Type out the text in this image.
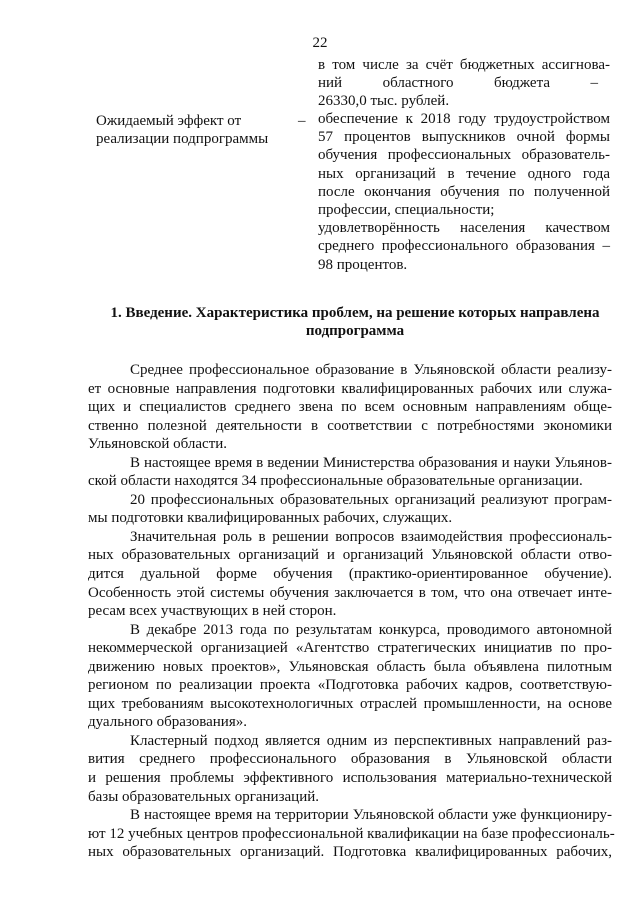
22
в том числе за счёт бюджетных ассигнова-
ний областного бюджета –
26330,0 тыс. рублей.
Ожидаемый эффект от
реализации подпрограммы
– обеспечение к 2018 году трудоустройством
57 процентов выпускников очной формы
обучения профессиональных образователь-
ных организаций в течение одного года
после окончания обучения по полученной
профессии, специальности;
удовлетворённость населения качеством
среднего профессионального образования –
98 процентов.
1. Введение. Характеристика проблем, на решение которых направлена
подпрограмма
Среднее профессиональное образование в Ульяновской области реализу-
ет основные направления подготовки квалифицированных рабочих или служа-
щих и специалистов среднего звена по всем основным направлениям обще-
ственно полезной деятельности в соответствии с потребностями экономики
Ульяновской области.
В настоящее время в ведении Министерства образования и науки Ульянов-
ской области находятся 34 профессиональные образовательные организации.
20 профессиональных образовательных организаций реализуют програм-
мы подготовки квалифицированных рабочих, служащих.
Значительная роль в решении вопросов взаимодействия профессиональ-
ных образовательных организаций и организаций Ульяновской области отво-
дится дуальной форме обучения (практико-ориентированное обучение).
Особенность этой системы обучения заключается в том, что она отвечает инте-
ресам всех участвующих в ней сторон.
В декабре 2013 года по результатам конкурса, проводимого автономной
некоммерческой организацией «Агентство стратегических инициатив по про-
движению новых проектов», Ульяновская область была объявлена пилотным
регионом по реализации проекта «Подготовка рабочих кадров, соответствую-
щих требованиям высокотехнологичных отраслей промышленности, на основе
дуального образования».
Кластерный подход является одним из перспективных направлений раз-
вития среднего профессионального образования в Ульяновской области
и решения проблемы эффективного использования материально-технической
базы образовательных организаций.
В настоящее время на территории Ульяновской области уже функциониру-
ют 12 учебных центров профессиональной квалификации на базе профессиональ-
ных образовательных организаций. Подготовка квалифицированных рабочих,
